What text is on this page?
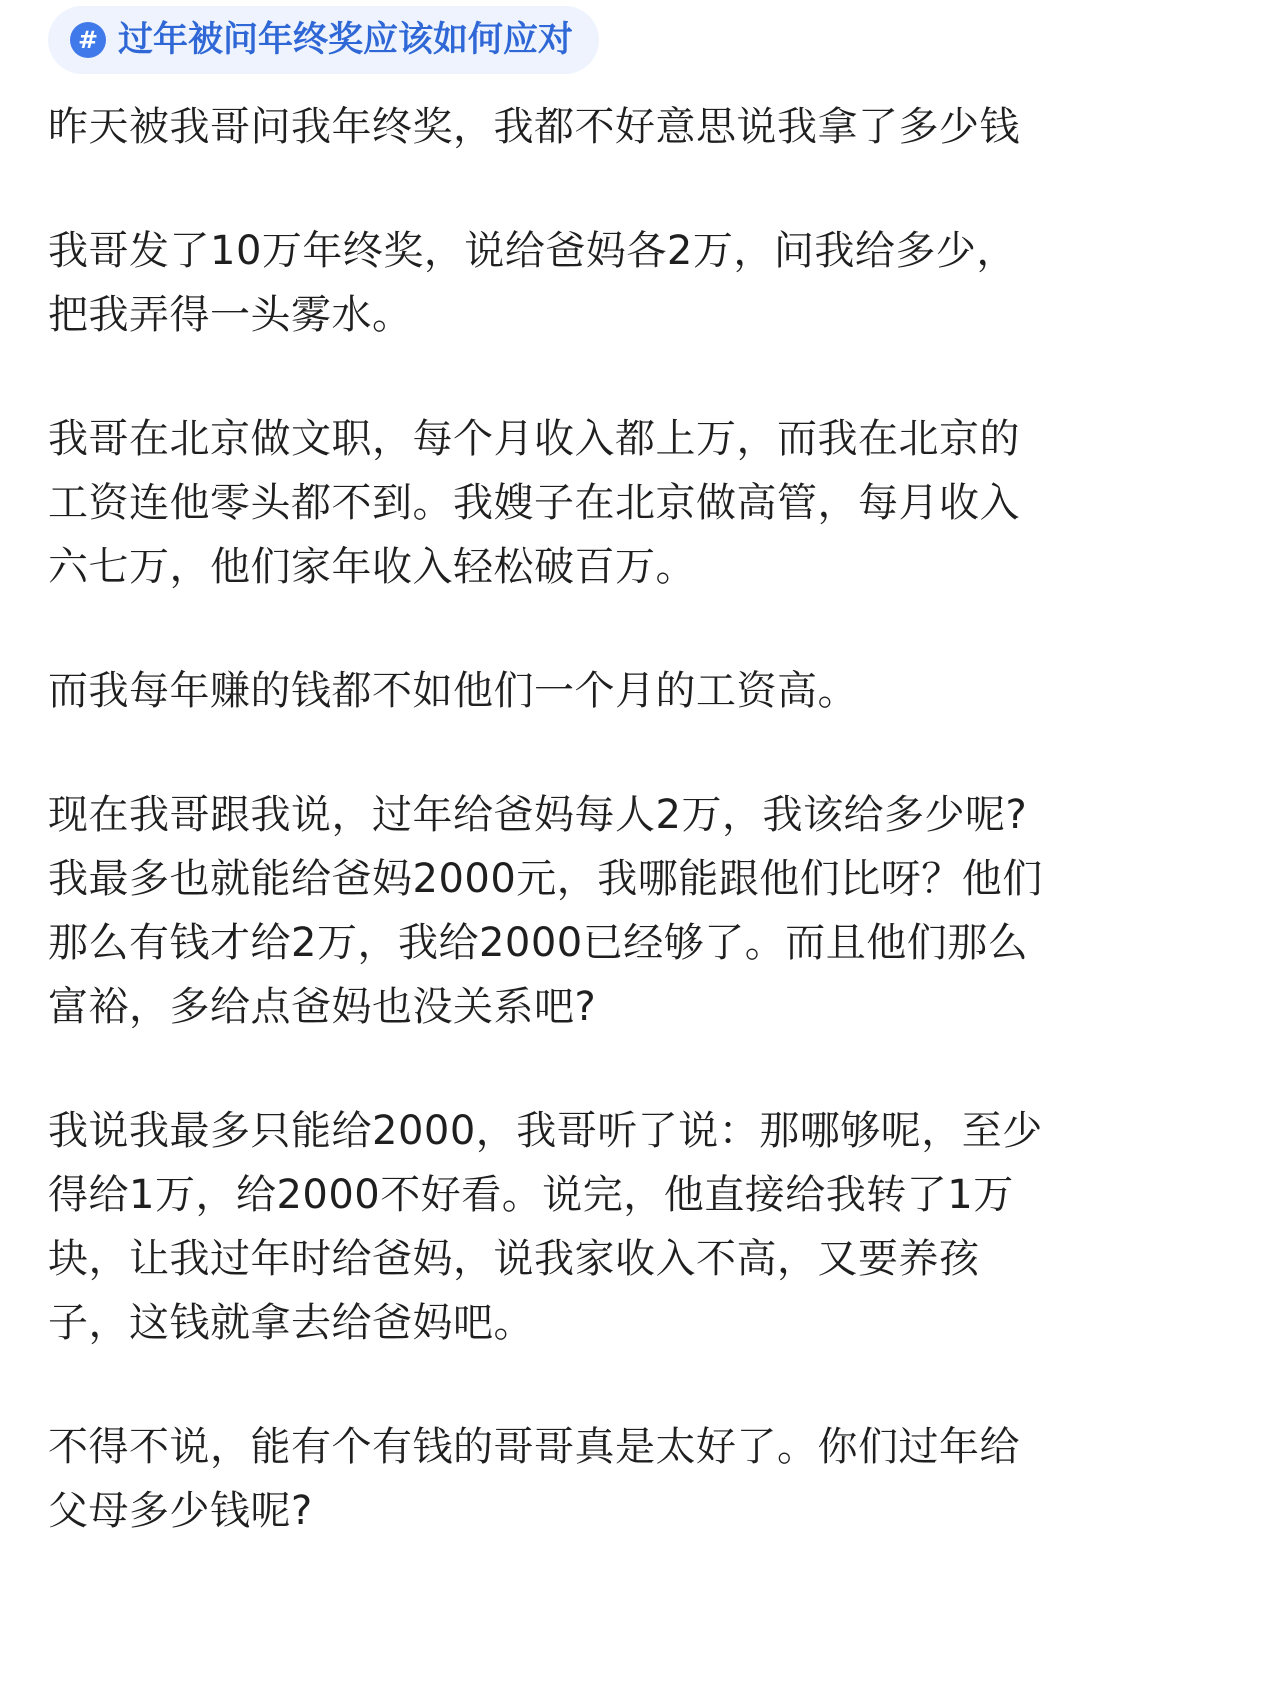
# 过年被问年终奖应该如何应对

昨天被我哥问我年终奖，我都不好意思说我拿了多少钱

我哥发了10万年终奖，说给爸妈各2万，问我给多少，
把我弄得一头雾水。

我哥在北京做文职，每个月收入都上万，而我在北京的
工资连他零头都不到。我嫂子在北京做高管，每月收入
六七万，他们家年收入轻松破百万。

而我每年赚的钱都不如他们一个月的工资高。

现在我哥跟我说，过年给爸妈每人2万，我该给多少呢?
我最多也就能给爸妈2000元，我哪能跟他们比呀？他们
那么有钱才给2万，我给2000已经够了。而且他们那么
富裕，多给点爸妈也没关系吧?

我说我最多只能给2000，我哥听了说：那哪够呢，至少
得给1万，给2000不好看。说完，他直接给我转了1万
块，让我过年时给爸妈，说我家收入不高，又要养孩
子，这钱就拿去给爸妈吧。

不得不说，能有个有钱的哥哥真是太好了。你们过年给
父母多少钱呢?
